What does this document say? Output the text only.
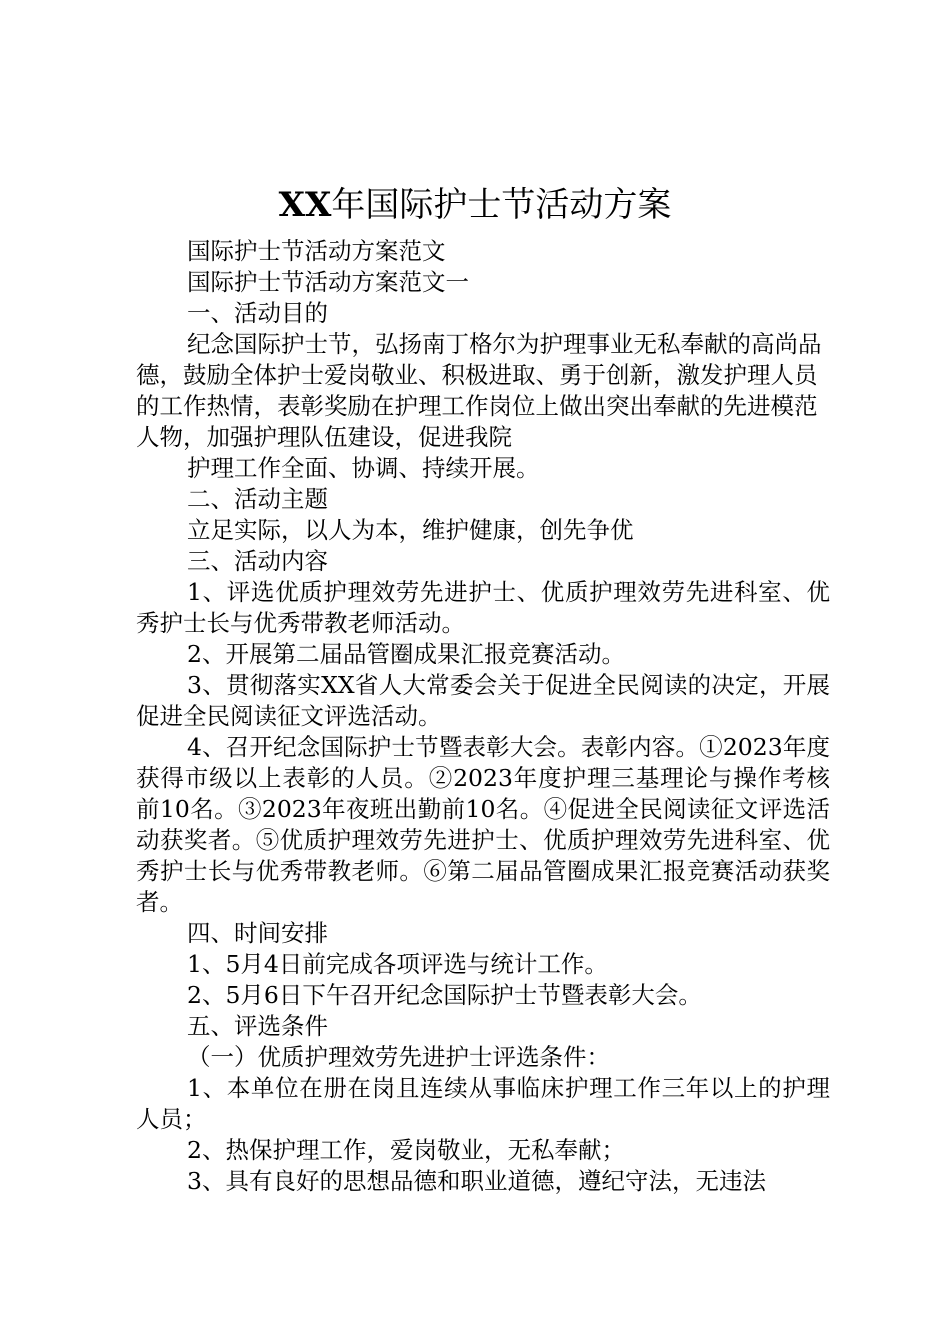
XX年国际护士节活动方案

国际护士节活动方案范文

国际护士节活动方案范文一

一、活动目的

纪念国际护士节，弘扬南丁格尔为护理事业无私奉献的高尚品德，鼓励全体护士爱岗敬业、积极进取、勇于创新，激发护理人员的工作热情，表彰奖励在护理工作岗位上做出突出奉献的先进模范人物，加强护理队伍建设，促进我院

护理工作全面、协调、持续开展。

二、活动主题

立足实际，以人为本，维护健康，创先争优

三、活动内容

1、评选优质护理效劳先进护士、优质护理效劳先进科室、优秀护士长与优秀带教老师活动。

2、开展第二届品管圈成果汇报竞赛活动。

3、贯彻落实XX省人大常委会关于促进全民阅读的决定，开展促进全民阅读征文评选活动。

4、召开纪念国际护士节暨表彰大会。表彰内容。①2023年度获得市级以上表彰的人员。②2023年度护理三基理论与操作考核前10名。③2023年夜班出勤前10名。④促进全民阅读征文评选活动获奖者。⑤优质护理效劳先进护士、优质护理效劳先进科室、优秀护士长与优秀带教老师。⑥第二届品管圈成果汇报竞赛活动获奖者。

四、时间安排

1、5月4日前完成各项评选与统计工作。

2、5月6日下午召开纪念国际护士节暨表彰大会。

五、评选条件

（一）优质护理效劳先进护士评选条件：

1、本单位在册在岗且连续从事临床护理工作三年以上的护理人员；

2、热保护理工作，爱岗敬业，无私奉献；

3、具有良好的思想品德和职业道德，遵纪守法，无违法
